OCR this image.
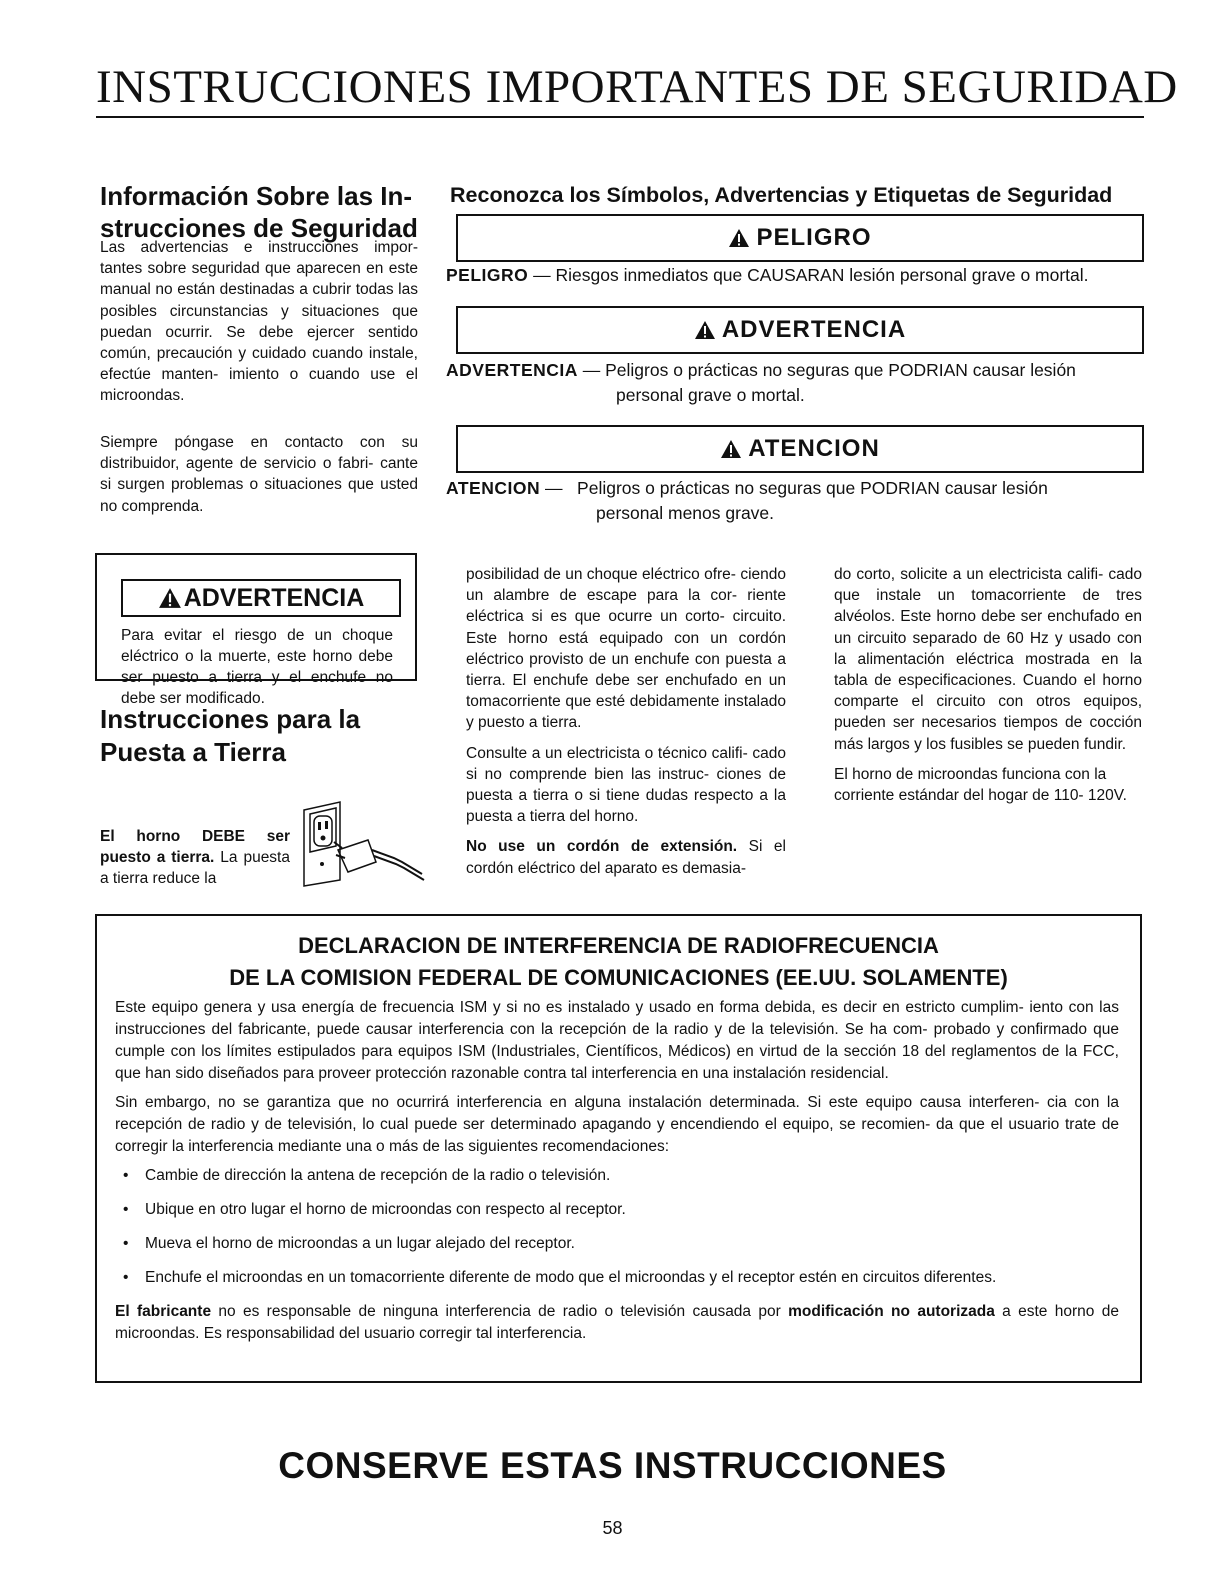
INSTRUCCIONES IMPORTANTES DE SEGURIDAD
Información Sobre las In- strucciones de Seguridad
Las advertencias e instrucciones impor- tantes sobre seguridad que aparecen en este manual no están destinadas a cubrir todas las posibles circunstancias y situaciones que puedan ocurrir. Se debe ejercer sentido común, precaución y cuidado cuando instale, efectúe manten- imiento o cuando use el microondas.
Siempre póngase en contacto con su distribuidor, agente de servicio o fabri- cante si surgen problemas o situaciones que usted no comprenda.
Reconozca los Símbolos, Advertencias y Etiquetas de Seguridad
PELIGRO
PELIGRO — Riesgos inmediatos que CAUSARAN lesión personal grave o mortal.
ADVERTENCIA
ADVERTENCIA — Peligros o prácticas no seguras que PODRIAN causar lesión
personal grave o mortal.
ATENCION
ATENCION —   Peligros o prácticas no seguras que PODRIAN causar lesión
personal menos grave.
ADVERTENCIA
Para evitar el riesgo de un choque eléctrico o la muerte, este horno debe ser puesto a tierra y el enchufe no debe ser modificado.
Instrucciones para la
Puesta a Tierra
El horno DEBE ser puesto a tierra. La puesta a tierra reduce la

posibilidad de un choque eléctrico ofre- ciendo un alambre de escape para la cor- riente eléctrica si es que ocurre un corto- circuito. Este horno está equipado con un cordón eléctrico provisto de un enchufe con puesta a tierra. El enchufe debe ser enchufado en un tomacorriente que esté debidamente instalado y puesto a tierra.

Consulte a un electricista o técnico califi- cado si no comprende bien las instruc- ciones de puesta a tierra o si tiene dudas respecto a la puesta a tierra del horno.

No use un cordón de extensión. Si el cordón eléctrico del aparato es demasia-

do corto, solicite a un electricista califi- cado que instale un tomacorriente de tres alvéolos. Este horno debe ser enchufado en un circuito separado de 60 Hz y usado con la alimentación eléctrica mostrada en la tabla de especificaciones. Cuando el horno comparte el circuito con otros equipos, pueden ser necesarios tiempos de cocción más largos y los fusibles se pueden fundir.

El horno de microondas funciona con la corriente estándar del hogar de 110- 120V.

DECLARACION DE INTERFERENCIA DE RADIOFRECUENCIA
DE LA COMISION FEDERAL DE COMUNICACIONES (EE.UU. SOLAMENTE)

Este equipo genera y usa energía de frecuencia ISM y si no es instalado y usado en forma debida, es decir en estricto cumplim- iento con las instrucciones del fabricante, puede causar interferencia con la recepción de la radio y de la televisión. Se ha com- probado y confirmado que cumple con los límites estipulados para equipos ISM (Industriales, Científicos, Médicos) en virtud de la sección 18 del reglamentos de la FCC, que han sido diseñados para proveer protección razonable contra tal interferencia en una instalación residencial.

Sin embargo, no se garantiza que no ocurrirá interferencia en alguna instalación determinada. Si este equipo causa interferen- cia con la recepción de radio y de televisión, lo cual puede ser determinado apagando y encendiendo el equipo, se recomien- da que el usuario trate de corregir la interferencia mediante una o más de las siguientes recomendaciones:

•	Cambie de dirección la antena de recepción de la radio o televisión.
•	Ubique en otro lugar el horno de microondas con respecto al receptor.
•	Mueva el horno de microondas a un lugar alejado del receptor.
•	Enchufe el microondas en un tomacorriente diferente de modo que el microondas y el receptor estén en circuitos diferentes.

El fabricante no es responsable de ninguna interferencia de radio o televisión causada por modificación no autorizada a este horno de microondas. Es responsabilidad del usuario corregir tal interferencia.

CONSERVE ESTAS INSTRUCCIONES
58
